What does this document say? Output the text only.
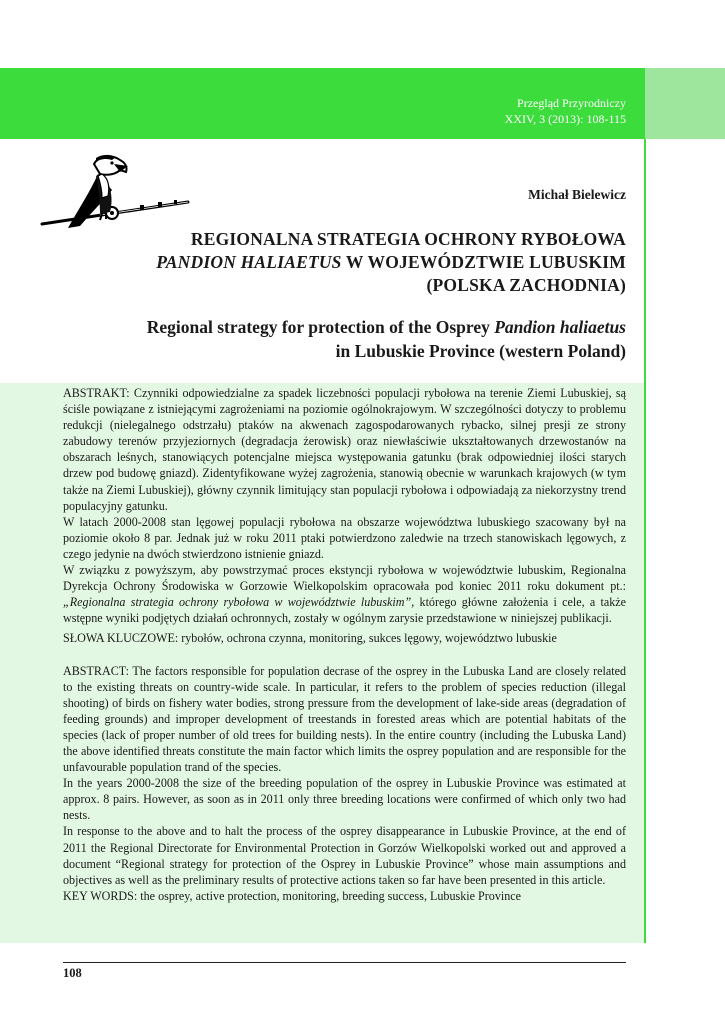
Przegląd Przyrodniczy
XXIV, 3 (2013): 108-115
Michał Bielewicz
REGIONALNA STRATEGIA OCHRONY RYBOŁOWA
PANDION HALIAETUS W WOJEWÓDZTWIE LUBUSKIM
(POLSKA ZACHODNIA)
Regional strategy for protection of the Osprey Pandion haliaetus
in Lubuskie Province (western Poland)

ABSTRAKT: Czynniki odpowiedzialne za spadek liczebności populacji rybołowa na terenie Ziemi Lubuskiej, są ściśle powiązane z istniejącymi zagrożeniami na poziomie ogólnokrajowym. W szczególności dotyczy to problemu redukcji (nielegalnego odstrzału) ptaków na akwenach zagospodarowanych rybacko, silnej presji ze strony zabudowy terenów przyjeziornych (degradacja żerowisk) oraz niewłaściwie ukształtowanych drzewostanów na obszarach leśnych, stanowiących potencjalne miejsca występowania gatunku (brak odpowiedniej ilości starych drzew pod budowę gniazd). Zidentyfikowane wyżej zagrożenia, stanowią obecnie w warunkach krajowych (w tym także na Ziemi Lubuskiej), główny czynnik limitujący stan populacji rybołowa i odpowiadają za niekorzystny trend populacyjny gatunku.

W latach 2000-2008 stan lęgowej populacji rybołowa na obszarze województwa lubuskiego szacowany był na poziomie około 8 par. Jednak już w roku 2011 ptaki potwierdzono zaledwie na trzech stanowiskach lęgowych, z czego jedynie na dwóch stwierdzono istnienie gniazd.

W związku z powyższym, aby powstrzymać proces ekstyncji rybołowa w województwie lubuskim, Regionalna Dyrekcja Ochrony Środowiska w Gorzowie Wielkopolskim opracowała pod koniec 2011 roku dokument pt.: „Regionalna strategia ochrony rybołowa w województwie lubuskim”, którego główne założenia i cele, a także wstępne wyniki podjętych działań ochronnych, zostały w ogólnym zarysie przedstawione w niniejszej publikacji.

SŁOWA KLUCZOWE: rybołów, ochrona czynna, monitoring, sukces lęgowy, województwo lubuskie

ABSTRACT: The factors responsible for population decrase of the osprey in the Lubuska Land are closely related to the existing threats on country-wide scale. In particular, it refers to the problem of species reduction (illegal shooting) of birds on fishery water bodies, strong pressure from the development of lake-side areas (degradation of feeding grounds) and improper development of treestands in forested areas which are potential habitats of the species (lack of proper number of old trees for building nests). In the entire country (including the Lubuska Land) the above identified threats constitute the main factor which limits the osprey population and are responsible for the unfavourable population trand of the species.

In the years 2000-2008 the size of the breeding population of the osprey in Lubuskie Province was estimated at approx. 8 pairs. However, as soon as in 2011 only three breeding locations were confirmed of which only two had nests.

In response to the above and to halt the process of the osprey disappearance in Lubuskie Province, at the end of 2011 the Regional Directorate for Environmental Protection in Gorzów Wielkopolski worked out and approved a document “Regional strategy for protection of the Osprey in Lubuskie Province” whose main assumptions and objectives as well as the preliminary results of protective actions taken so far have been presented in this article.

KEY WORDS: the osprey, active protection, monitoring, breeding success, Lubuskie Province

108
